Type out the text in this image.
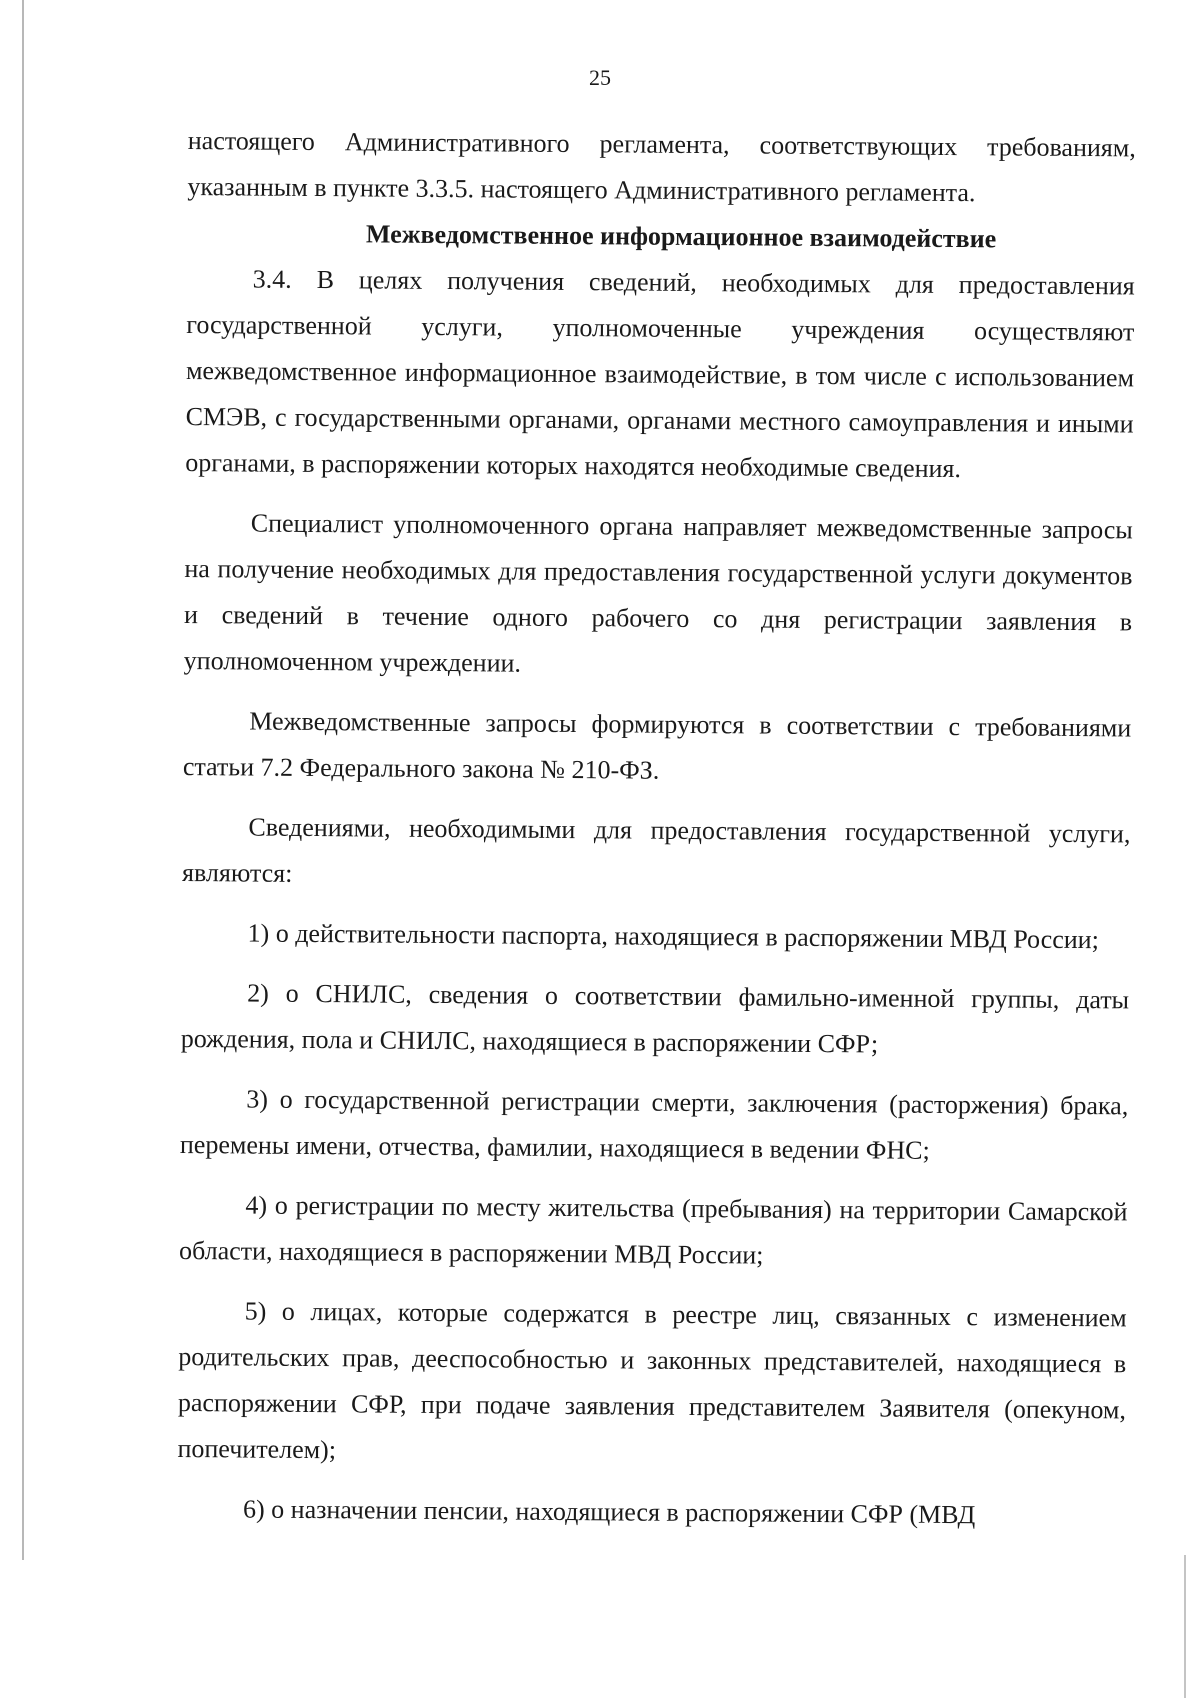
25

настоящего Административного регламента, соответствующих требованиям, указанным в пункте 3.3.5. настоящего Административного регламента.

Межведомственное информационное взаимодействие

3.4. В целях получения сведений, необходимых для предоставления государственной услуги, уполномоченные учреждения осуществляют межведомственное информационное взаимодействие, в том числе с использованием СМЭВ, с государственными органами, органами местного самоуправления и иными органами, в распоряжении которых находятся необходимые сведения.

Специалист уполномоченного органа направляет межведомственные запросы на получение необходимых для предоставления государственной услуги документов и сведений в течение одного рабочего со дня регистрации заявления в уполномоченном учреждении.

Межведомственные запросы формируются в соответствии с требованиями статьи 7.2 Федерального закона № 210-ФЗ.

Сведениями, необходимыми для предоставления государственной услуги, являются:

1) о действительности паспорта, находящиеся в распоряжении МВД России;

2) о СНИЛС, сведения о соответствии фамильно-именной группы, даты рождения, пола и СНИЛС, находящиеся в распоряжении СФР;

3) о государственной регистрации смерти, заключения (расторжения) брака, перемены имени, отчества, фамилии, находящиеся в ведении ФНС;

4) о регистрации по месту жительства (пребывания) на территории Самарской области, находящиеся в распоряжении МВД России;

5) о лицах, которые содержатся в реестре лиц, связанных с изменением родительских прав, дееспособностью и законных представителей, находящиеся в распоряжении СФР, при подаче заявления представителем Заявителя (опекуном, попечителем);

6) о назначении пенсии, находящиеся в распоряжении СФР (МВД
